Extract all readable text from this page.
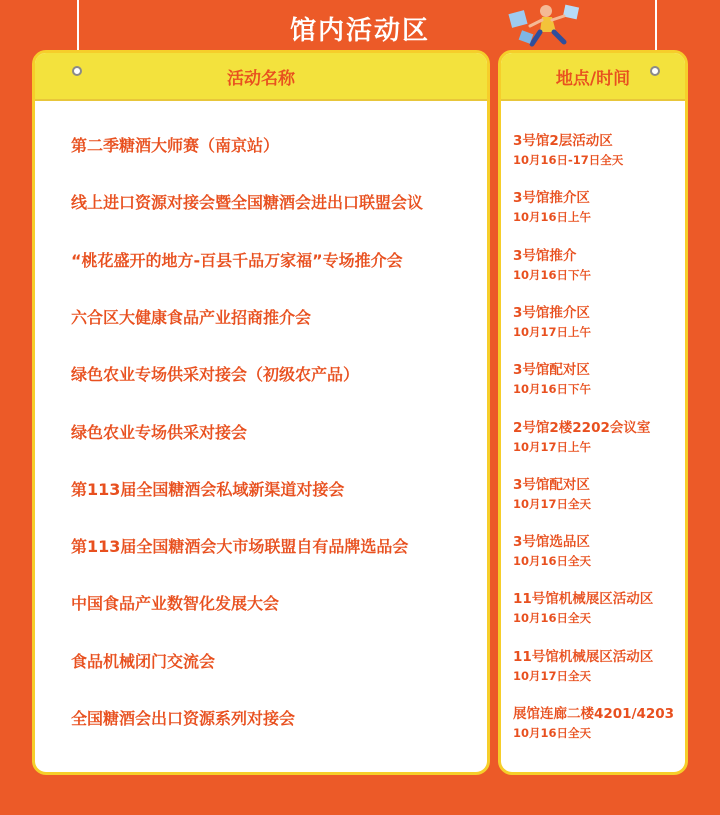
馆内活动区
活动名称
第二季糖酒大师赛（南京站）
线上进口资源对接会暨全国糖酒会进出口联盟会议
“桃花盛开的地方-百县千品万家福”专场推介会
六合区大健康食品产业招商推介会
绿色农业专场供采对接会（初级农产品）
绿色农业专场供采对接会
第113届全国糖酒会私域新渠道对接会
第113届全国糖酒会大市场联盟自有品牌选品会
中国食品产业数智化发展大会
食品机械闭门交流会
全国糖酒会出口资源系列对接会
地点/时间
3号馆2层活动区
10月16日-17日全天
3号馆推介区
10月16日上午
3号馆推介
10月16日下午
3号馆推介区
10月17日上午
3号馆配对区
10月16日下午
2号馆2楼2202会议室
10月17日上午
3号馆配对区
10月17日全天
3号馆选品区
10月16日全天
11号馆机械展区活动区
10月16日全天
11号馆机械展区活动区
10月17日全天
展馆连廊二楼4201/4203
10月16日全天
